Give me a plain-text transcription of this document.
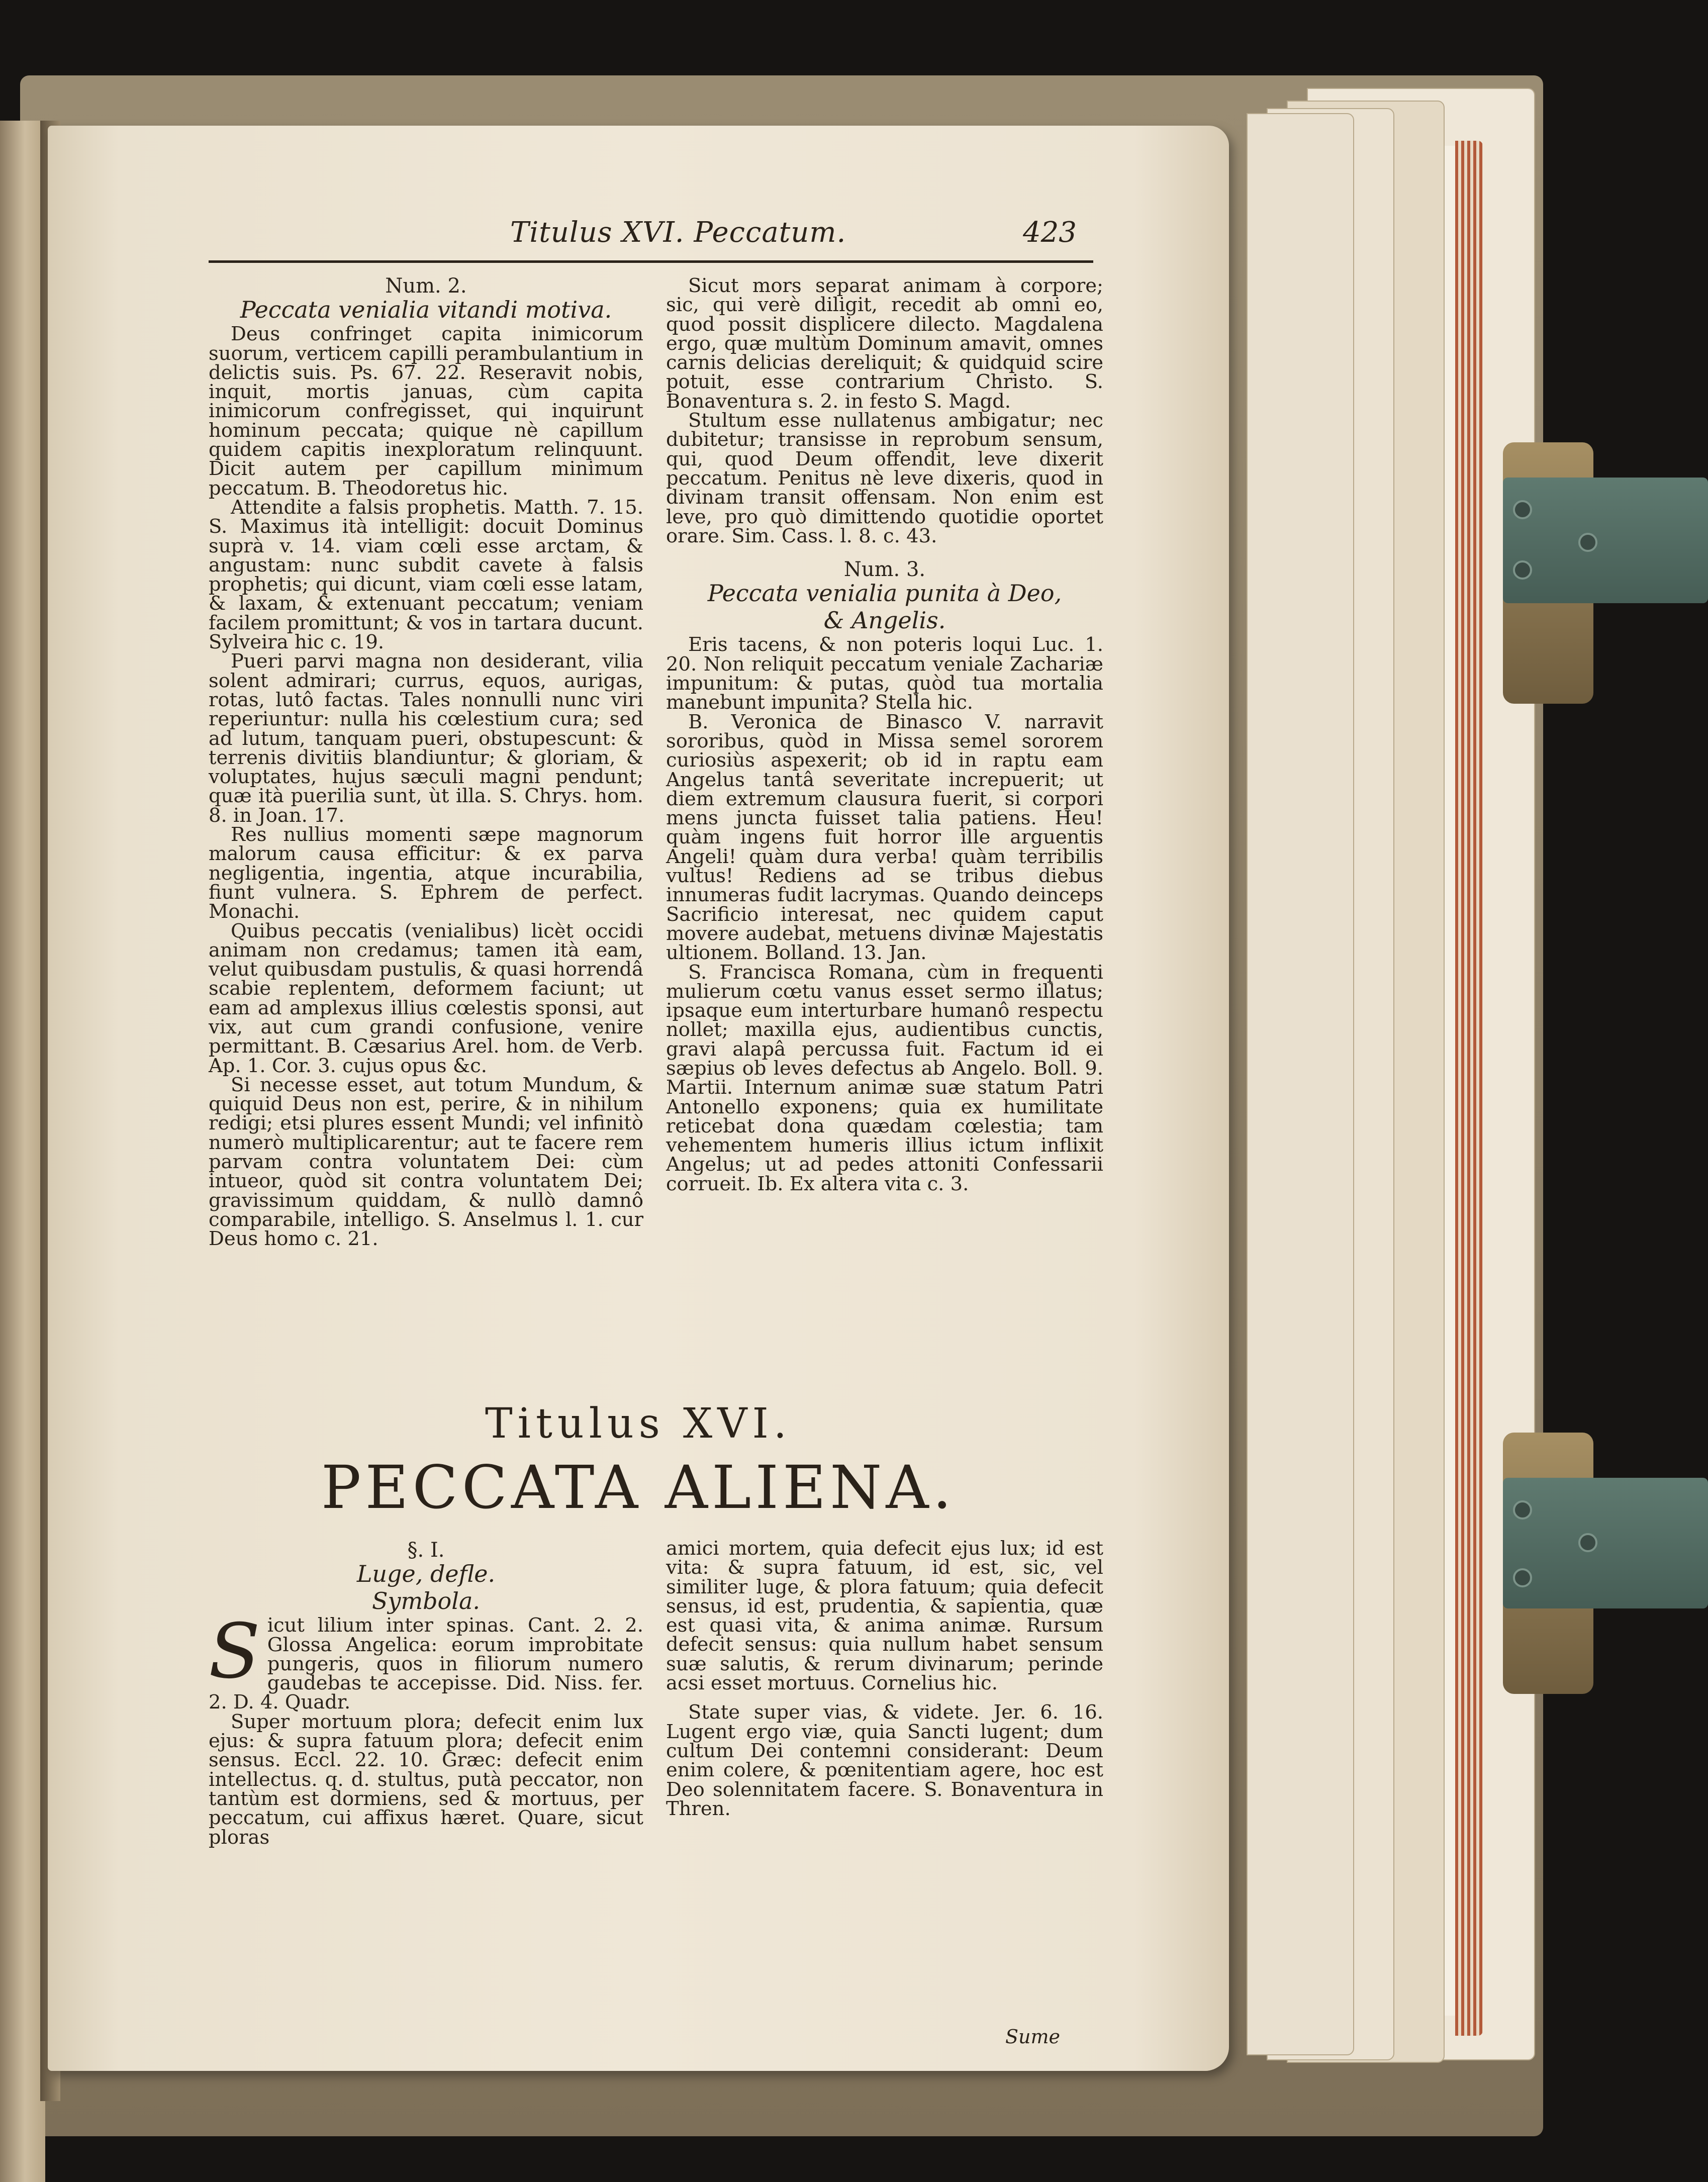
Titulus XVI. Peccatum.	423

Num. 2.

Peccata venialia vitandi motiva.

Deus confringet capita inimicorum suorum, verticem capilli perambulantium in delictis suis. Ps. 67. 22. Reseravit nobis, inquit, mortis januas, cùm capita inimicorum confregisset, qui inquirunt hominum peccata; quique nè capillum quidem capitis inexploratum relinquunt. Dicit autem per capillum minimum peccatum. B. Theodoretus hic.

Attendite a falsis prophetis. Matth. 7. 15. S. Maximus ità intelligit: docuit Dominus suprà v. 14. viam cœli esse arctam, & angustam: nunc subdit cavete à falsis prophetis; qui dicunt, viam cœli esse latam, & laxam, & extenuant peccatum; veniam facilem promittunt; & vos in tartara ducunt. Sylveira hic c. 19.

Pueri parvi magna non desiderant, vilia solent admirari; currus, equos, aurigas, rotas, lutô factas. Tales nonnulli nunc viri reperiuntur: nulla his cœlestium cura; sed ad lutum, tanquam pueri, obstupescunt: & terrenis divitiis blandiuntur; & gloriam, & voluptates, hujus sæculi magni pendunt; quæ ità puerilia sunt, ùt illa. S. Chrys. hom. 8. in Joan. 17.

Res nullius momenti sæpe magnorum malorum causa efficitur: & ex parva negligentia, ingentia, atque incurabilia, fiunt vulnera. S. Ephrem de perfect. Monachi.

Quibus peccatis (venialibus) licèt occidi animam non credamus; tamen ità eam, velut quibusdam pustulis, & quasi horrendâ scabie replentem, deformem faciunt; ut eam ad amplexus illius cœlestis sponsi, aut vix, aut cum grandi confusione, venire permittant. B. Cæsarius Arel. hom. de Verb. Ap. 1. Cor. 3. cujus opus &c.

Si necesse esset, aut totum Mundum, & quiquid Deus non est, perire, & in nihilum redigi; etsi plures essent Mundi; vel infinitò numerò multiplicarentur; aut te facere rem parvam contra voluntatem Dei: cùm intueor, quòd sit contra voluntatem Dei; gravissimum quiddam, & nullò damnô comparabile, intelligo. S. Anselmus l. 1. cur Deus homo c. 21.

Sicut mors separat animam à corpore; sic, qui verè diligit, recedit ab omni eo, quod possit displicere dilecto. Magdalena ergo, quæ multùm Dominum amavit, omnes carnis delicias dereliquit; & quidquid scire potuit, esse contrarium Christo. S. Bonaventura s. 2. in festo S. Magd.

Stultum esse nullatenus ambigatur; nec dubitetur; transisse in reprobum sensum, qui, quod Deum offendit, leve dixerit peccatum. Penitus nè leve dixeris, quod in divinam transit offensam. Non enim est leve, pro quò dimittendo quotidie oportet orare. Sim. Cass. l. 8. c. 43.

Num. 3.

Peccata venialia punita à Deo,

& Angelis.

Eris tacens, & non poteris loqui Luc. 1. 20. Non reliquit peccatum veniale Zachariæ impunitum: & putas, quòd tua mortalia manebunt impunita? Stella hic.

B. Veronica de Binasco V. narravit sororibus, quòd in Missa semel sororem curiosiùs aspexerit; ob id in raptu eam Angelus tantâ severitate increpuerit; ut diem extremum clausura fuerit, si corpori mens juncta fuisset talia patiens. Heu! quàm ingens fuit horror ille arguentis Angeli! quàm dura verba! quàm terribilis vultus! Rediens ad se tribus diebus innumeras fudit lacrymas. Quando deinceps Sacrificio interesat, nec quidem caput movere audebat, metuens divinæ Majestatis ultionem. Bolland. 13. Jan.

S. Francisca Romana, cùm in frequenti mulierum cœtu vanus esset sermo illatus; ipsaque eum interturbare humanô respectu nollet; maxilla ejus, audientibus cunctis, gravi alapâ percussa fuit. Factum id ei sæpius ob leves defectus ab Angelo. Boll. 9. Martii. Internum animæ suæ statum Patri Antonello exponens; quia ex humilitate reticebat dona quædam cœlestia; tam vehementem humeris illius ictum inflixit Angelus; ut ad pedes attoniti Confessarii corrueit. Ib. Ex altera vita c. 3.

Titulus XVI.
PECCATA ALIENA.

§. I.

Luge, defle.

Symbola.

Sicut lilium inter spinas. Cant. 2. 2. Glossa Angelica: eorum improbitate pungeris, quos in filiorum numero gaudebas te accepisse. Did. Niss. fer. 2. D. 4. Quadr.

Super mortuum plora; defecit enim lux ejus: & supra fatuum plora; defecit enim sensus. Eccl. 22. 10. Græc: defecit enim intellectus. q. d. stultus, putà peccator, non tantùm est dormiens, sed & mortuus, per peccatum, cui affixus hæret. Quare, sicut ploras

amici mortem, quia defecit ejus lux; id est vita: & supra fatuum, id est, sic, vel similiter luge, & plora fatuum; quia defecit sensus, id est, prudentia, & sapientia, quæ est quasi vita, & anima animæ. Rursum defecit sensus: quia nullum habet sensum suæ salutis, & rerum divinarum; perinde acsi esset mortuus. Cornelius hic.

State super vias, & videte. Jer. 6. 16. Lugent ergo viæ, quia Sancti lugent; dum cultum Dei contemni considerant: Deum enim colere, & pœnitentiam agere, hoc est Deo solennitatem facere. S. Bonaventura in Thren.

Sume
